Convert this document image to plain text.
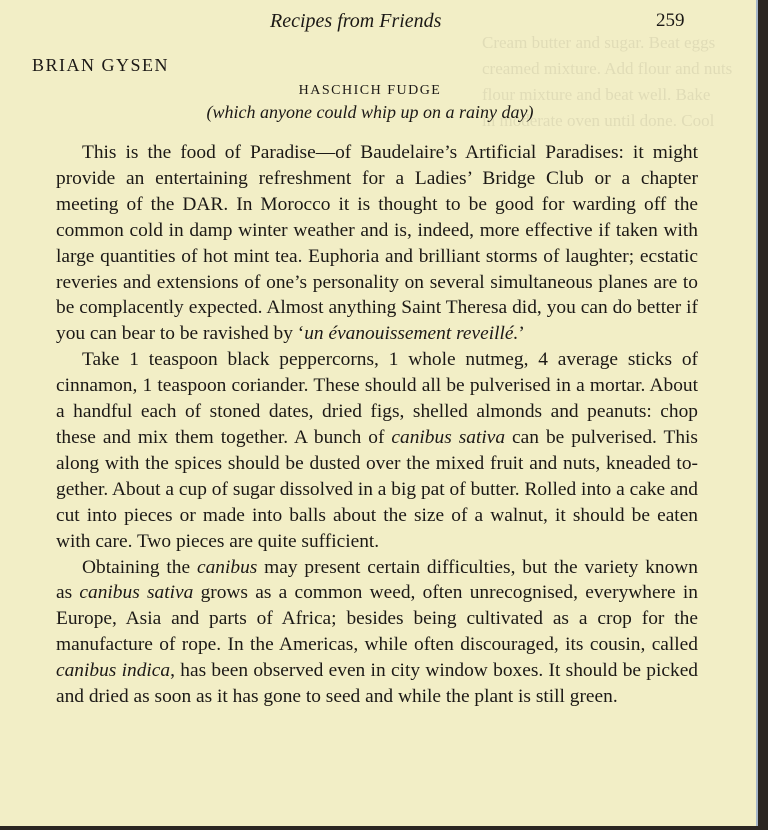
Cream butter and sugar. Beat eggs
creamed mixture. Add flour and nuts
flour mixture and beat well. Bake
in moderate oven until done. Cool
Recipes from Friends	259
BRIAN GYSEN
HASCHICH FUDGE
(which anyone could whip up on a rainy day)

This is the food of Paradise—of Baudelaire’s Artificial Paradises: it might provide an entertaining refreshment for a Ladies’ Bridge Club or a chapter meeting of the DAR. In Morocco it is thought to be good for warding off the common cold in damp winter weather and is, indeed, more effective if taken with large quantities of hot mint tea. Euphoria and brilliant storms of laughter; ecstatic reveries and extensions of one’s personality on several simultaneous planes are to be complacently expected. Almost anything Saint Theresa did, you can do better if you can bear to be ravished by ‘un évanouissement reveillé.’

Take 1 teaspoon black peppercorns, 1 whole nutmeg, 4 average sticks of cinnamon, 1 teaspoon coriander. These should all be pulverised in a mortar. About a handful each of stoned dates, dried figs, shelled almonds and peanuts: chop these and mix them together. A bunch of canibus sativa can be pulverised. This along with the spices should be dusted over the mixed fruit and nuts, kneaded together. About a cup of sugar dissolved in a big pat of butter. Rolled into a cake and cut into pieces or made into balls about the size of a walnut, it should be eaten with care. Two pieces are quite sufficient.

Obtaining the canibus may present certain difficulties, but the variety known as canibus sativa grows as a common weed, often unrecognised, everywhere in Europe, Asia and parts of Africa; besides being cultivated as a crop for the manufacture of rope. In the Americas, while often discouraged, its cousin, called canibus indica, has been observed even in city window boxes. It should be picked and dried as soon as it has gone to seed and while the plant is still green.
